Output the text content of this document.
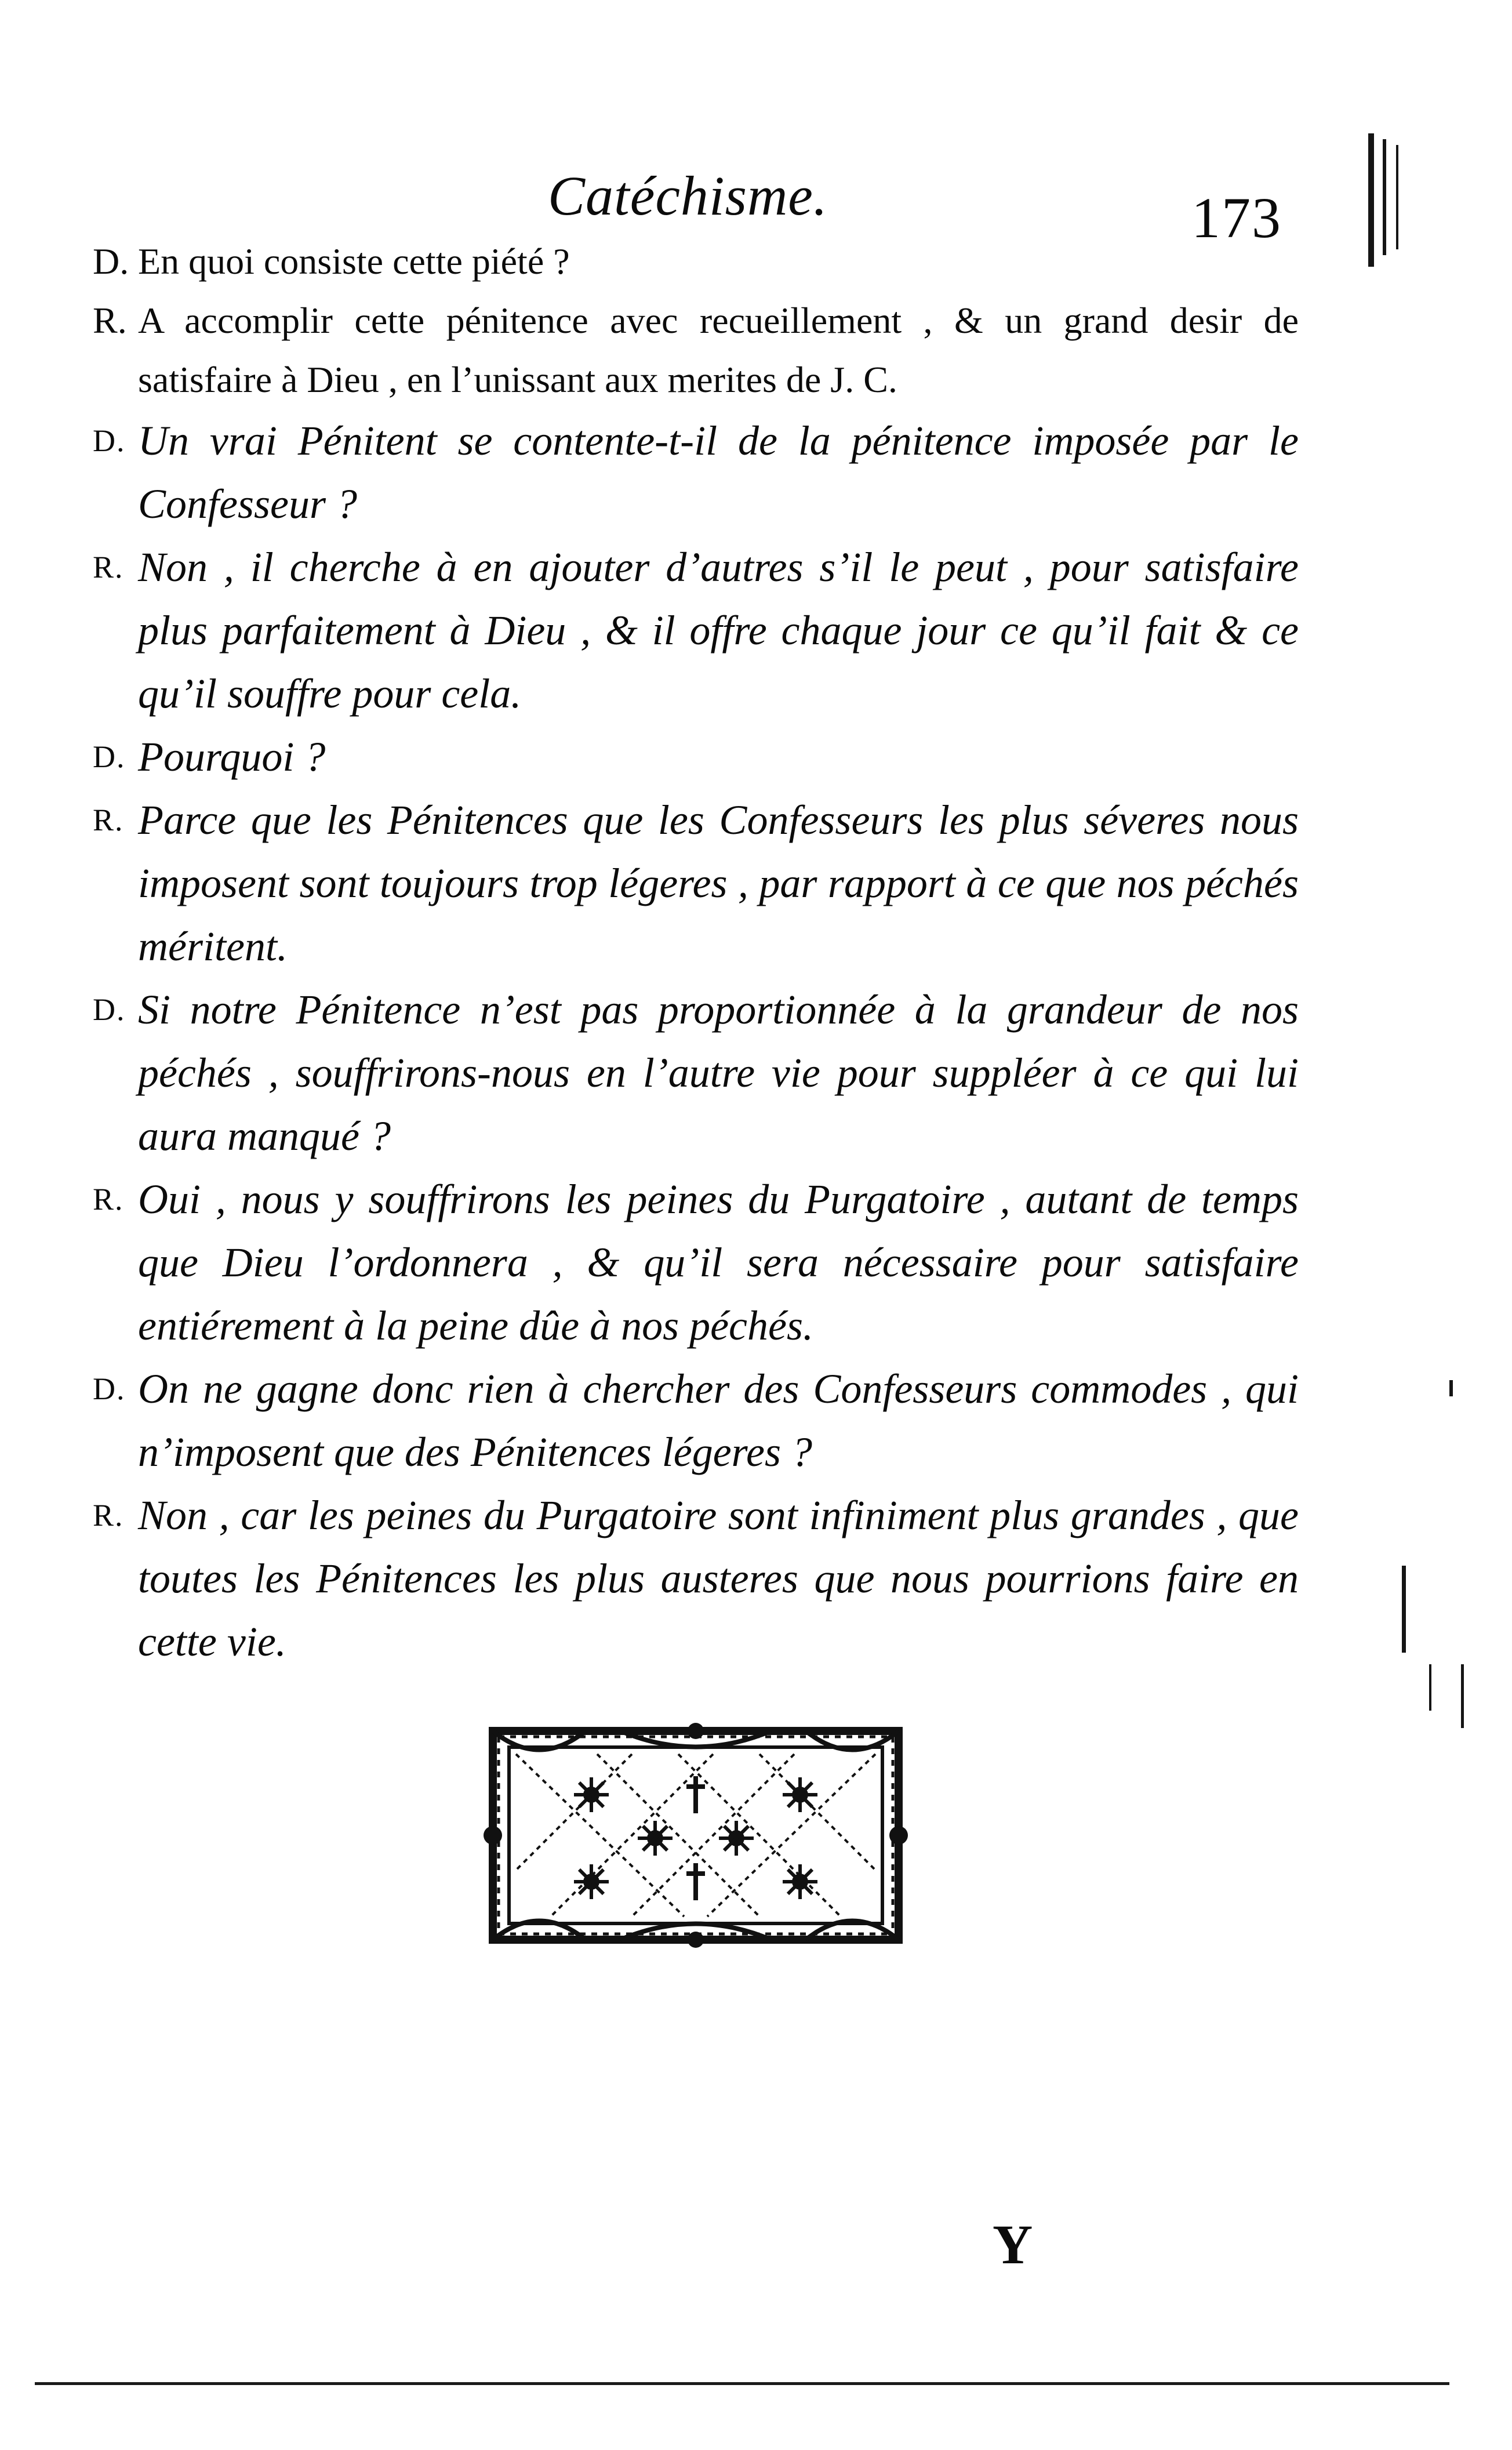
Catéchisme.	173

D. En quoi consiste cette piété ?

R. A accomplir cette pénitence avec recueillement , & un grand desir de satisfaire à Dieu , en l’unissant aux merites de J. C.

D. Un vrai Pénitent se contente-t-il de la pénitence imposée par le Confesseur ?

R. Non , il cherche à en ajouter d’autres s’il le peut , pour satisfaire plus parfaitement à Dieu , & il offre chaque jour ce qu’il fait & ce qu’il souffre pour cela.

D. Pourquoi ?

R. Parce que les Pénitences que les Confesseurs les plus séveres nous imposent sont toujours trop légeres , par rapport à ce que nos péchés méritent.

D. Si notre Pénitence n’est pas proportionnée à la grandeur de nos péchés , souffrirons-nous en l’autre vie pour suppléer à ce qui lui aura manqué ?

R. Oui , nous y souffrirons les peines du Purgatoire , autant de temps que Dieu l’ordonnera , & qu’il sera nécessaire pour satisfaire entiérement à la peine dûe à nos péchés.

D. On ne gagne donc rien à chercher des Confesseurs commodes , qui n’imposent que des Pénitences légeres ?

R. Non , car les peines du Purgatoire sont infiniment plus grandes , que toutes les Pénitences les plus austeres que nous pourrions faire en cette vie.

Y
